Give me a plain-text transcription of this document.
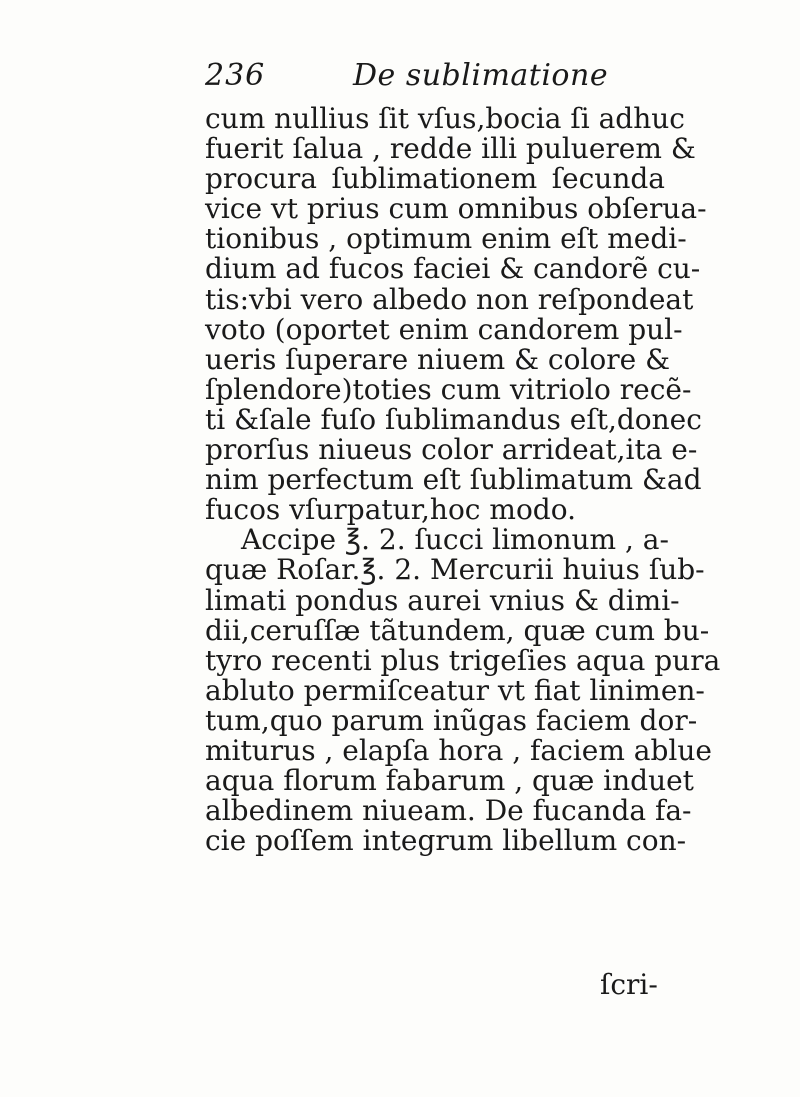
236	De sublimatione
cum nullius ſit vſus,bocia ſi adhuc
fuerit ſalua , redde illi puluerem &
procura ſublimationem ſecunda
vice vt prius cum omnibus obſerua-
tionibus , optimum enim eſt medi-
dium ad fucos faciei & candorẽ cu-
tis:vbi vero albedo non reſpondeat
voto (oportet enim candorem pul-
ueris ſuperare niuem & colore &
ſplendore)toties cum vitriolo recẽ-
ti &ſale fuſo ſublimandus eſt,donec
prorſus niueus color arrideat,ita e-
nim perfectum eſt ſublimatum &ad
fucos vſurpatur,hoc modo.
Accipe ℥. 2. ſucci limonum , a-
quæ Roſar.℥. 2. Mercurii huius ſub-
limati pondus aurei vnius & dimi-
dii,ceruſſæ tãtundem, quæ cum bu-
tyro recenti plus trigeſies aqua pura
abluto permiſceatur vt fiat linimen-
tum,quo parum inũgas faciem dor-
miturus , elapſa hora , faciem ablue
aqua florum fabarum , quæ induet
albedinem niueam. De fucanda fa-
cie poſſem integrum libellum con-
ſcri-
